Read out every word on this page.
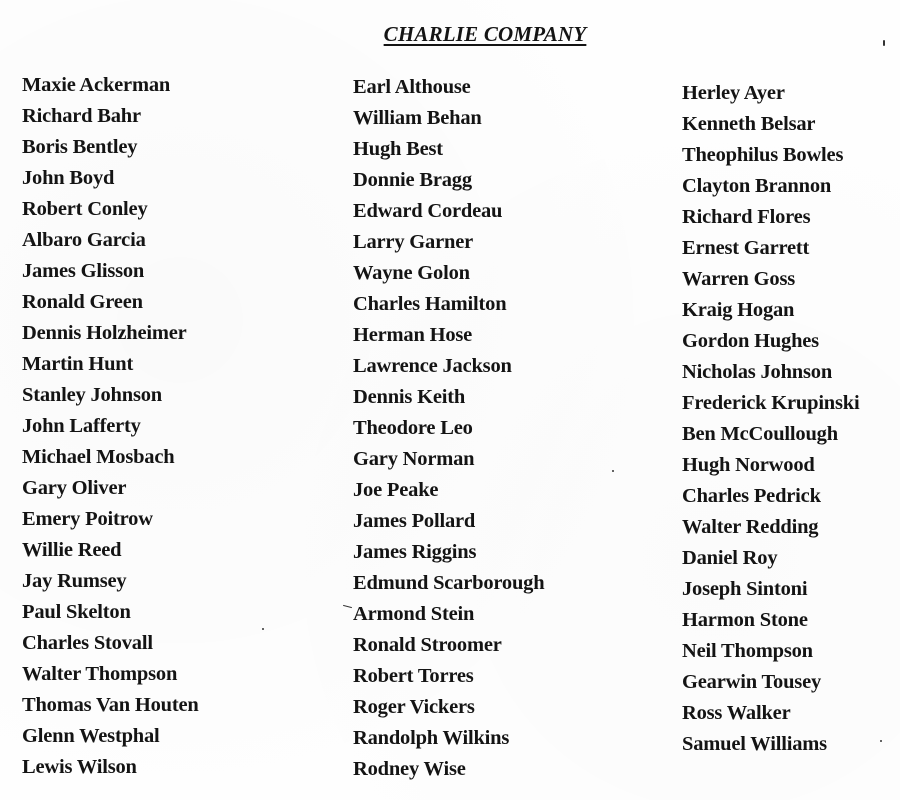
CHARLIE COMPANY
Maxie Ackerman
Richard Bahr
Boris Bentley
John Boyd
Robert Conley
Albaro Garcia
James Glisson
Ronald Green
Dennis Holzheimer
Martin Hunt
Stanley Johnson
John Lafferty
Michael Mosbach
Gary Oliver
Emery Poitrow
Willie Reed
Jay Rumsey
Paul Skelton
Charles Stovall
Walter Thompson
Thomas Van Houten
Glenn Westphal
Lewis Wilson
Earl Althouse
William Behan
Hugh Best
Donnie Bragg
Edward Cordeau
Larry Garner
Wayne Golon
Charles Hamilton
Herman Hose
Lawrence Jackson
Dennis Keith
Theodore Leo
Gary Norman
Joe Peake
James Pollard
James Riggins
Edmund Scarborough
Armond Stein
Ronald Stroomer
Robert Torres
Roger Vickers
Randolph Wilkins
Rodney Wise
Herley Ayer
Kenneth Belsar
Theophilus Bowles
Clayton Brannon
Richard Flores
Ernest Garrett
Warren Goss
Kraig Hogan
Gordon Hughes
Nicholas Johnson
Frederick Krupinski
Ben McCoullough
Hugh Norwood
Charles Pedrick
Walter Redding
Daniel Roy
Joseph Sintoni
Harmon Stone
Neil Thompson
Gearwin Tousey
Ross Walker
Samuel Williams
